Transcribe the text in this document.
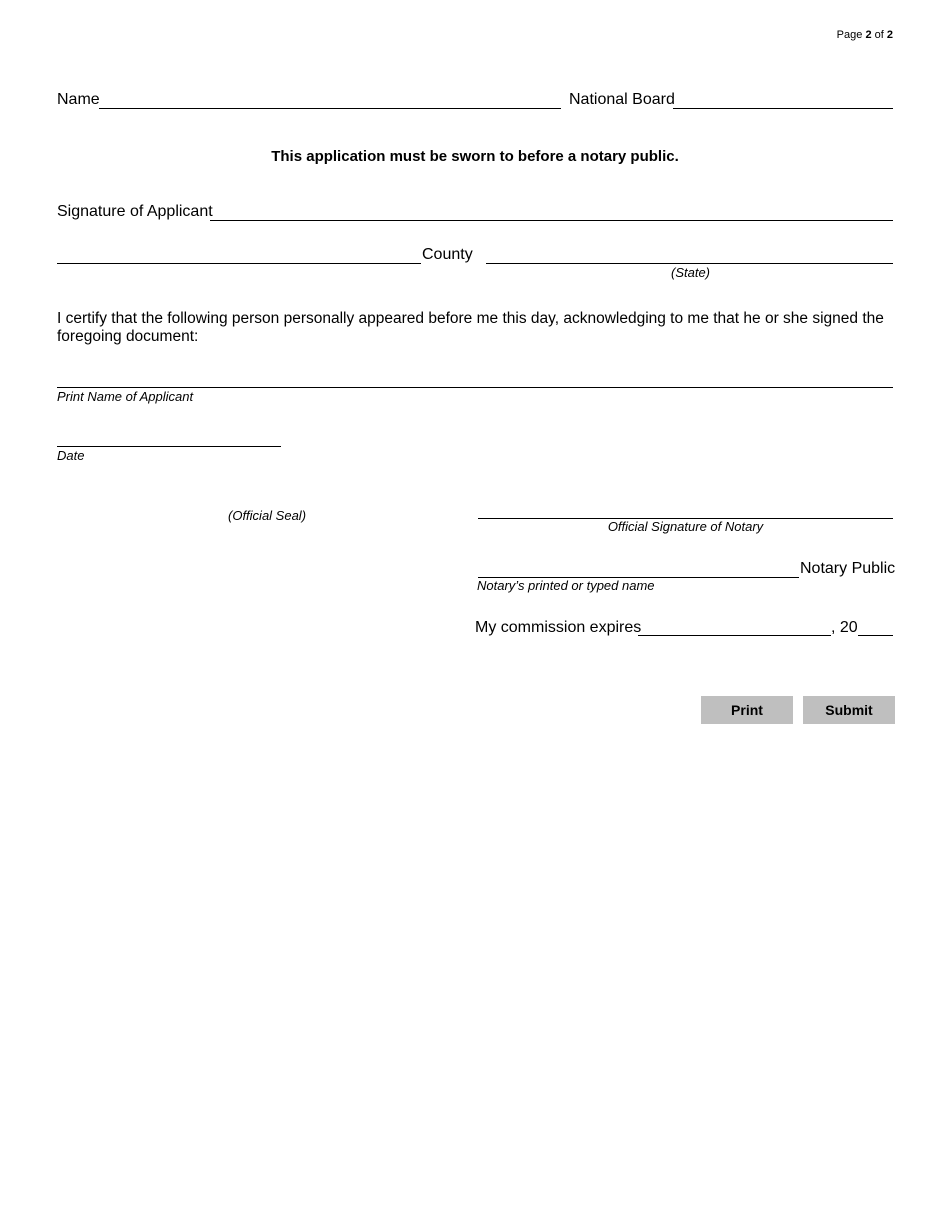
Page 2 of 2
Name	National Board
This application must be sworn to before a notary public.
Signature of Applicant
County
(State)
I certify that the following person personally appeared before me this day, acknowledging to me that he or she signed the foregoing document:
Print Name of Applicant
Date
(Official Seal)
Official Signature of Notary
Notary Public
Notary’s printed or typed name
My commission expires	, 20
Print	Submit
